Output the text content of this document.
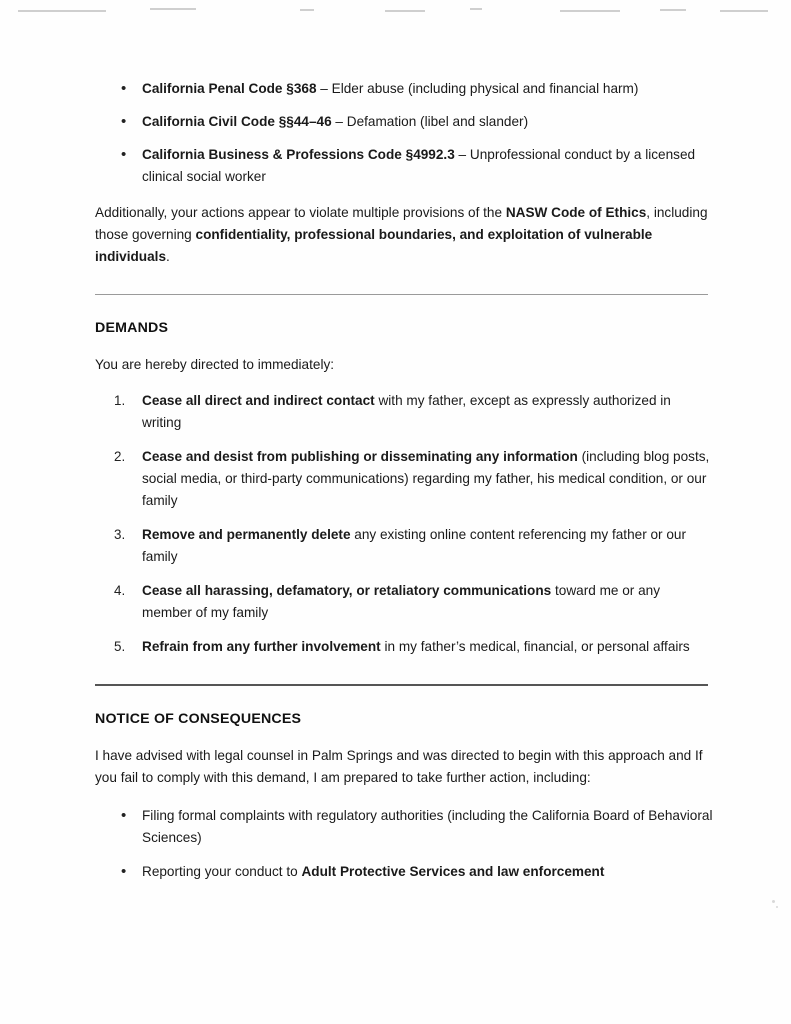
• California Penal Code §368 – Elder abuse (including physical and financial harm)
• California Civil Code §§44–46 – Defamation (libel and slander)
• California Business & Professions Code §4992.3 – Unprofessional conduct by a licensed clinical social worker

Additionally, your actions appear to violate multiple provisions of the NASW Code of Ethics, including those governing confidentiality, professional boundaries, and exploitation of vulnerable individuals.

DEMANDS

You are hereby directed to immediately:

Cease all direct and indirect contact with my father, except as expressly authorized in writing
Cease and desist from publishing or disseminating any information (including blog posts, social media, or third-party communications) regarding my father, his medical condition, or our family
Remove and permanently delete any existing online content referencing my father or our family
Cease all harassing, defamatory, or retaliatory communications toward me or any member of my family
Refrain from any further involvement in my father’s medical, financial, or personal affairs
NOTICE OF CONSEQUENCES

I have advised with legal counsel in Palm Springs and was directed to begin with this approach and If you fail to comply with this demand, I am prepared to take further action, including:

• Filing formal complaints with regulatory authorities (including the California Board of Behavioral Sciences)
• Reporting your conduct to Adult Protective Services and law enforcement
